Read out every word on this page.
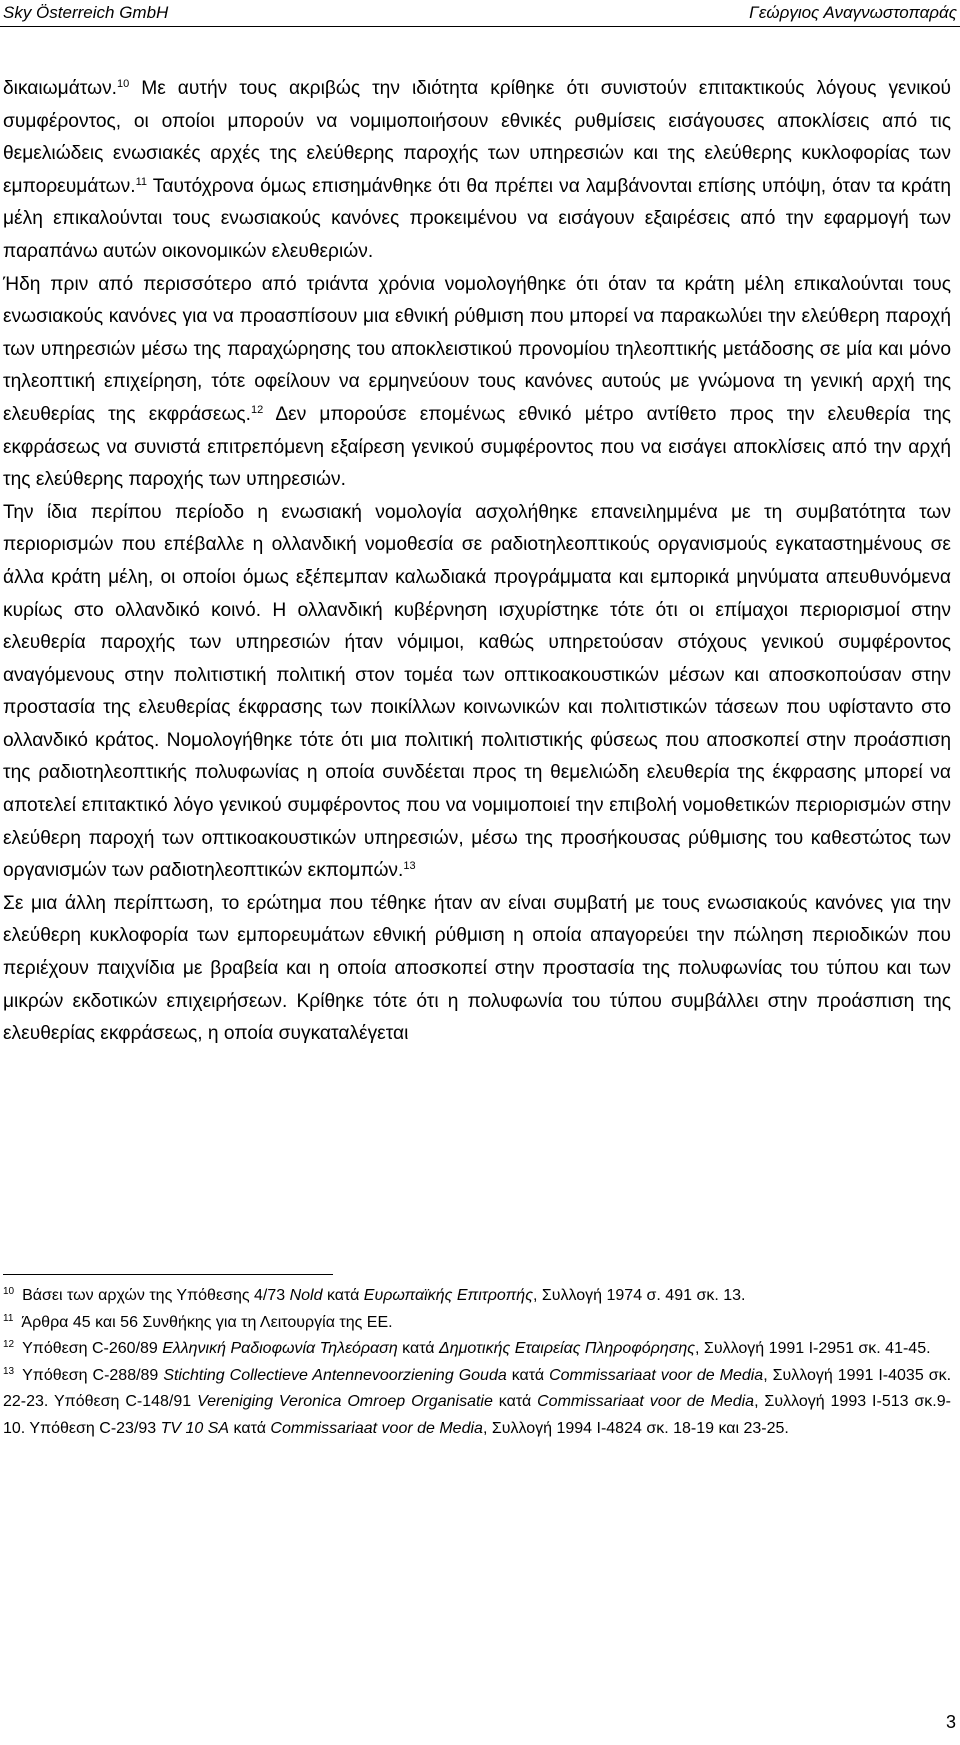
Sky Österreich GmbH	Γεώργιος Αναγνωστοπαράς

δικαιωμάτων.$^{10}$ Με αυτήν τους ακριβώς την ιδιότητα κρίθηκε ότι συνιστούν επιτακτικούς λόγους γενικού συμφέροντος, οι οποίοι μπορούν να νομιμοποιήσουν εθνικές ρυθμίσεις εισάγουσες αποκλίσεις από τις θεμελιώδεις ενωσιακές αρχές της ελεύθερης παροχής των υπηρεσιών και της ελεύθερης κυκλοφορίας των εμπορευμάτων.$^{11}$ Ταυτόχρονα όμως επισημάνθηκε ότι θα πρέπει να λαμβάνονται επίσης υπόψη, όταν τα κράτη μέλη επικαλούνται τους ενωσιακούς κανόνες προκειμένου να εισάγουν εξαιρέσεις από την εφαρμογή των παραπάνω αυτών οικονομικών ελευθεριών.

Ήδη πριν από περισσότερο από τριάντα χρόνια νομολογήθηκε ότι όταν τα κράτη μέλη επικαλούνται τους ενωσιακούς κανόνες για να προασπίσουν μια εθνική ρύθμιση που μπορεί να παρακωλύει την ελεύθερη παροχή των υπηρεσιών μέσω της παραχώρησης του αποκλειστικού προνομίου τηλεοπτικής μετάδοσης σε μία και μόνο τηλεοπτική επιχείρηση, τότε οφείλουν να ερμηνεύουν τους κανόνες αυτούς με γνώμονα τη γενική αρχή της ελευθερίας της εκφράσεως.$^{12}$ Δεν μπορούσε επομένως εθνικό μέτρο αντίθετο προς την ελευθερία της εκφράσεως να συνιστά επιτρεπόμενη εξαίρεση γενικού συμφέροντος που να εισάγει αποκλίσεις από την αρχή της ελεύθερης παροχής των υπηρεσιών.

Την ίδια περίπου περίοδο η ενωσιακή νομολογία ασχολήθηκε επανειλημμένα με τη συμβατότητα των περιορισμών που επέβαλλε η ολλανδική νομοθεσία σε ραδιοτηλεοπτικούς οργανισμούς εγκαταστημένους σε άλλα κράτη μέλη, οι οποίοι όμως εξέπεμπαν καλωδιακά προγράμματα και εμπορικά μηνύματα απευθυνόμενα κυρίως στο ολλανδικό κοινό. Η ολλανδική κυβέρνηση ισχυρίστηκε τότε ότι οι επίμαχοι περιορισμοί στην ελευθερία παροχής των υπηρεσιών ήταν νόμιμοι, καθώς υπηρετούσαν στόχους γενικού συμφέροντος αναγόμενους στην πολιτιστική πολιτική στον τομέα των οπτικοακουστικών μέσων και αποσκοπούσαν στην προστασία της ελευθερίας έκφρασης των ποικίλλων κοινωνικών και πολιτιστικών τάσεων που υφίσταντο στο ολλανδικό κράτος. Νομολογήθηκε τότε ότι μια πολιτική πολιτιστικής φύσεως που αποσκοπεί στην προάσπιση της ραδιοτηλεοπτικής πολυφωνίας η οποία συνδέεται προς τη θεμελιώδη ελευθερία της έκφρασης μπορεί να αποτελεί επιτακτικό λόγο γενικού συμφέροντος που να νομιμοποιεί την επιβολή νομοθετικών περιορισμών στην ελεύθερη παροχή των οπτικοακουστικών υπηρεσιών, μέσω της προσήκουσας ρύθμισης του καθεστώτος των οργανισμών των ραδιοτηλεοπτικών εκπομπών.$^{13}$

Σε μια άλλη περίπτωση, το ερώτημα που τέθηκε ήταν αν είναι συμβατή με τους ενωσιακούς κανόνες για την ελεύθερη κυκλοφορία των εμπορευμάτων εθνική ρύθμιση η οποία απαγορεύει την πώληση περιοδικών που περιέχουν παιχνίδια με βραβεία και η οποία αποσκοπεί στην προστασία της πολυφωνίας του τύπου και των μικρών εκδοτικών επιχειρήσεων. Κρίθηκε τότε ότι η πολυφωνία του τύπου συμβάλλει στην προάσπιση της ελευθερίας εκφράσεως, η οποία συγκαταλέγεται

$^{10}$ Βάσει των αρχών της Υπόθεσης 4/73 Nold κατά Ευρωπαϊκής Επιτροπής, Συλλογή 1974 σ. 491 σκ. 13.

$^{11}$ Άρθρα 45 και 56 Συνθήκης για τη Λειτουργία της ΕΕ.

$^{12}$ Υπόθεση C-260/89 Ελληνική Ραδιοφωνία Τηλεόραση κατά Δημοτικής Εταιρείας Πληροφόρησης, Συλλογή 1991 I-2951 σκ. 41-45.

$^{13}$ Υπόθεση C-288/89 Stichting Collectieve Antennevoorziening Gouda κατά Commissariaat voor de Media, Συλλογή 1991 I-4035 σκ. 22-23. Υπόθεση C-148/91 Vereniging Veronica Omroep Organisatie κατά Commissariaat voor de Media, Συλλογή 1993 I-513 σκ.9-10. Υπόθεση C-23/93 TV 10 SA κατά Commissariaat voor de Media, Συλλογή 1994 I-4824 σκ. 18-19 και 23-25.

3
